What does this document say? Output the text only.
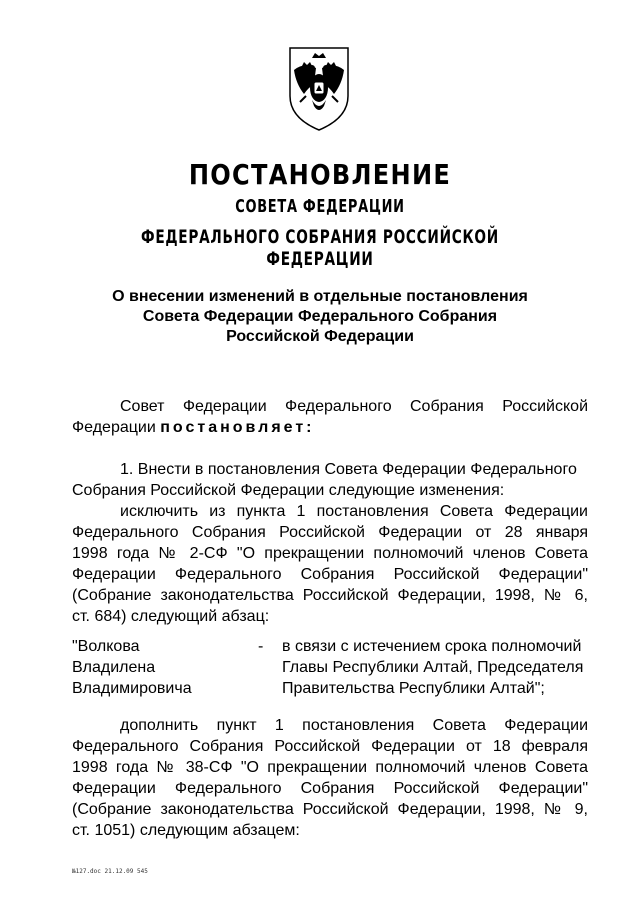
ПОСТАНОВЛЕНИЕ
СОВЕТА ФЕДЕРАЦИИ
ФЕДЕРАЛЬНОГО СОБРАНИЯ РОССИЙСКОЙ ФЕДЕРАЦИИ
О внесении изменений в отдельные постановления
Совета Федерации Федерального Собрания
Российской Федерации
Совет Федерации Федерального Собрания Российской
Федерации постановляет:
1. Внести в постановления Совета Федерации Федерального
Собрания Российской Федерации следующие изменения:
исключить из пункта 1 постановления Совета Федерации
Федерального Собрания Российской Федерации от 28 января
1998 года № 2-СФ "О прекращении полномочий членов Совета
Федерации Федерального Собрания Российской Федерации"
(Собрание законодательства Российской Федерации, 1998, № 6,
ст. 684) следующий абзац:
"Волкова
Владилена
Владимировича
- в связи с истечением срока полномочий
Главы Республики Алтай, Председателя
Правительства Республики Алтай";
дополнить пункт 1 постановления Совета Федерации
Федерального Собрания Российской Федерации от 18 февраля
1998 года № 38-СФ "О прекращении полномочий членов Совета
Федерации Федерального Собрания Российской Федерации"
(Собрание законодательства Российской Федерации, 1998, № 9,
ст. 1051) следующим абзацем:
№127.doc 21.12.09 545
